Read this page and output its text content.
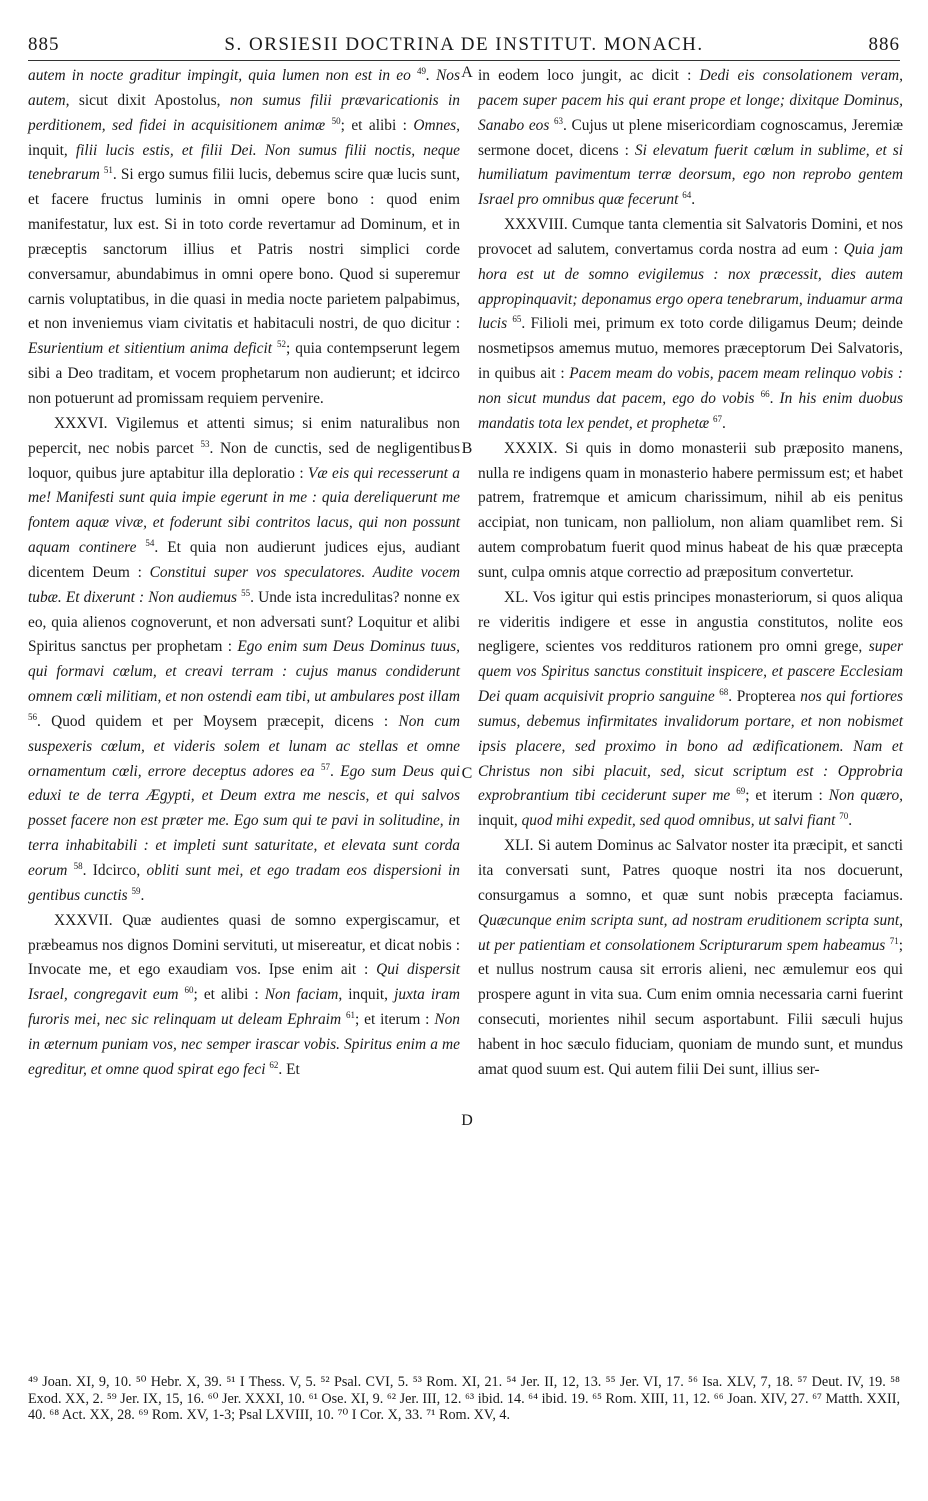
885	S. ORSIESII DOCTRINA DE INSTITUT. MONACH.	886

autem in nocte graditur impingit, quia lumen non est in eo $^{49}$. Nos autem, sicut dixit Apostolus, non sumus filii prævaricationis in perditionem, sed fidei in acquisitionem animæ $^{50}$; et alibi : Omnes, inquit, filii lucis estis, et filii Dei. Non sumus filii noctis, neque tenebrarum $^{51}$. Si ergo sumus filii lucis, debemus scire quæ lucis sunt, et facere fructus luminis in omni opere bono : quod enim manifestatur, lux est. Si in toto corde revertamur ad Dominum, et in præceptis sanctorum illius et Patris nostri simplici corde conversamur, abundabimus in omni opere bono. Quod si superemur carnis voluptatibus, in die quasi in media nocte parietem palpabimus, et non inveniemus viam civitatis et habitaculi nostri, de quo dicitur : Esurientium et sitientium anima deficit $^{52}$; quia contempserunt legem sibi a Deo traditam, et vocem prophetarum non audierunt; et idcirco non potuerunt ad promissam requiem pervenire.

XXXVI. Vigilemus et attenti simus; si enim naturalibus non pepercit, nec nobis parcet $^{53}$. Non de cunctis, sed de negligentibus loquor, quibus jure aptabitur illa deploratio : Væ eis qui recesserunt a me! Manifesti sunt quia impie egerunt in me : quia dereliquerunt me fontem aquæ vivæ, et foderunt sibi contritos lacus, qui non possunt aquam continere $^{54}$. Et quia non audierunt judices ejus, audiant dicentem Deum : Constitui super vos speculatores. Audite vocem tubæ. Et dixerunt : Non audiemus $^{55}$. Unde ista incredulitas? nonne ex eo, quia alienos cognoverunt, et non adversati sunt? Loquitur et alibi Spiritus sanctus per prophetam : Ego enim sum Deus Dominus tuus, qui formavi cœlum, et creavi terram : cujus manus condiderunt omnem cœli militiam, et non ostendi eam tibi, ut ambulares post illam $^{56}$. Quod quidem et per Moysem præcepit, dicens : Non cum suspexeris cœlum, et videris solem et lunam ac stellas et omne ornamentum cœli, errore deceptus adores ea $^{57}$. Ego sum Deus qui eduxi te de terra Ægypti, et Deum extra me nescis, et qui salvos posset facere non est præter me. Ego sum qui te pavi in solitudine, in terra inhabitabili : et impleti sunt saturitate, et elevata sunt corda eorum $^{58}$. Idcirco, obliti sunt mei, et ego tradam eos dispersioni in gentibus cunctis $^{59}$.

XXXVII. Quæ audientes quasi de somno expergiscamur, et præbeamus nos dignos Domini servituti, ut misereatur, et dicat nobis : Invocate me, et ego exaudiam vos. Ipse enim ait : Qui dispersit Israel, congregavit eum $^{60}$; et alibi : Non faciam, inquit, juxta iram furoris mei, nec sic relinquam ut deleam Ephraim $^{61}$; et iterum : Non in æternum puniam vos, nec semper irascar vobis. Spiritus enim a me egreditur, et omne quod spirat ego feci $^{62}$. Et

in eodem loco jungit, ac dicit : Dedi eis consolationem veram, pacem super pacem his qui erant prope et longe; dixitque Dominus, Sanabo eos $^{63}$. Cujus ut plene misericordiam cognoscamus, Jeremiæ sermone docet, dicens : Si elevatum fuerit cœlum in sublime, et si humiliatum pavimentum terræ deorsum, ego non reprobo gentem Israel pro omnibus quæ fecerunt $^{64}$.

XXXVIII. Cumque tanta clementia sit Salvatoris Domini, et nos provocet ad salutem, convertamus corda nostra ad eum : Quia jam hora est ut de somno evigilemus : nox præcessit, dies autem appropinquavit; deponamus ergo opera tenebrarum, induamur arma lucis $^{65}$. Filioli mei, primum ex toto corde diligamus Deum; deinde nosmetipsos amemus mutuo, memores præceptorum Dei Salvatoris, in quibus ait : Pacem meam do vobis, pacem meam relinquo vobis : non sicut mundus dat pacem, ego do vobis $^{66}$. In his enim duobus mandatis tota lex pendet, et prophetæ $^{67}$.

XXXIX. Si quis in domo monasterii sub præposito manens, nulla re indigens quam in monasterio habere permissum est; et habet patrem, fratremque et amicum charissimum, nihil ab eis penitus accipiat, non tunicam, non palliolum, non aliam quamlibet rem. Si autem comprobatum fuerit quod minus habeat de his quæ præcepta sunt, culpa omnis atque correctio ad præpositum convertetur.

XL. Vos igitur qui estis principes monasteriorum, si quos aliqua re videritis indigere et esse in angustia constitutos, nolite eos negligere, scientes vos reddituros rationem pro omni grege, super quem vos Spiritus sanctus constituit inspicere, et pascere Ecclesiam Dei quam acquisivit proprio sanguine $^{68}$. Propterea nos qui fortiores sumus, debemus infirmitates invalidorum portare, et non nobismet ipsis placere, sed proximo in bono ad ædificationem. Nam et Christus non sibi placuit, sed, sicut scriptum est : Opprobria exprobrantium tibi ceciderunt super me $^{69}$; et iterum : Non quæro, inquit, quod mihi expedit, sed quod omnibus, ut salvi fiant $^{70}$.

XLI. Si autem Dominus ac Salvator noster ita præcipit, et sancti ita conversati sunt, Patres quoque nostri ita nos docuerunt, consurgamus a somno, et quæ sunt nobis præcepta faciamus. Quæcunque enim scripta sunt, ad nostram eruditionem scripta sunt, ut per patientiam et consolationem Scripturarum spem habeamus $^{71}$; et nullus nostrum causa sit erroris alieni, nec æmulemur eos qui prospere agunt in vita sua. Cum enim omnia necessaria carni fuerint consecuti, morientes nihil secum asportabunt. Filii sæculi hujus habent in hoc sæculo fiduciam, quoniam de mundo sunt, et mundus amat quod suum est. Qui autem filii Dei sunt, illius ser-

A
B
C
D
⁴⁹ Joan. XI, 9, 10. ⁵⁰ Hebr. X, 39. ⁵¹ I Thess. V, 5. ⁵² Psal. CVI, 5. ⁵³ Rom. XI, 21. ⁵⁴ Jer. II, 12, 13. ⁵⁵ Jer. VI, 17. ⁵⁶ Isa. XLV, 7, 18. ⁵⁷ Deut. IV, 19. ⁵⁸ Exod. XX, 2. ⁵⁹ Jer. IX, 15, 16. ⁶⁰ Jer. XXXI, 10. ⁶¹ Ose. XI, 9. ⁶² Jer. III, 12. ⁶³ ibid. 14. ⁶⁴ ibid. 19. ⁶⁵ Rom. XIII, 11, 12. ⁶⁶ Joan. XIV, 27. ⁶⁷ Matth. XXII, 40. ⁶⁸ Act. XX, 28. ⁶⁹ Rom. XV, 1-3; Psal LXVIII, 10. ⁷⁰ I Cor. X, 33. ⁷¹ Rom. XV, 4.
